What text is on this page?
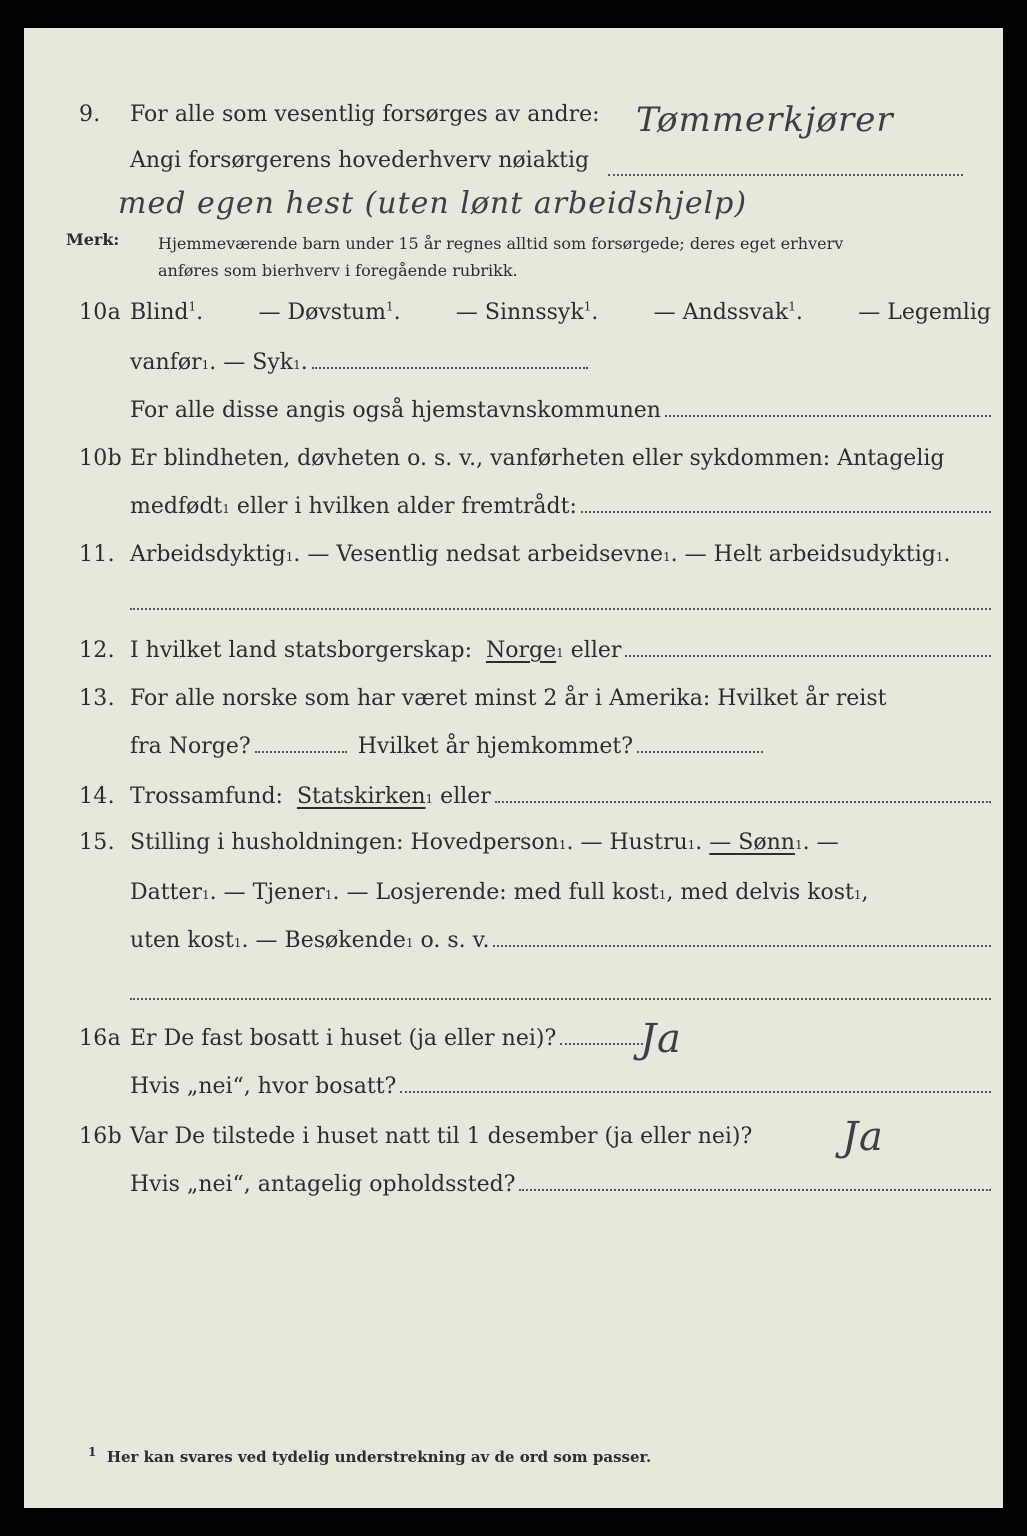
9. For alle som vesentlig forsørges av andre: Tømmerkjører
Angi forsørgerens hovederhverv nøiaktig
med egen hest (uten lønt arbeidshjelp)
Merk: Hjemmeværende barn under 15 år regnes alltid som forsørgede; deres eget erhverv
anføres som bierhverv i foregående rubrikk.
10a Blind$^1$.	— Døvstum$^1$.	— Sinnssyk$^1$.	— Andssvak$^1$.	— Legemlig
vanfør 1 . — Syk 1 .
For alle disse angis også hjemstavnskommunen
10b Er blindheten, døvheten o. s. v., vanførheten eller sykdommen: Antagelig
medfødt 1
eller i hvilken alder fremtrådt:
11. Arbeidsdyktig 1 . — Vesentlig nedsat arbeidsevne 1 . — Helt arbeidsudyktig 1 .
12. I hvilket land statsborgerskap:
Norge 1
eller
13. For alle norske som har været minst 2 år i Amerika: Hvilket år reist
fra Norge?
	Hvilket år hjemkommet?
14. Trossamfund:
Statskirken 1
eller
15. Stilling i husholdningen: Hovedperson 1 . — Hustru 1 . — Sønn 1 . —
Datter 1 . — Tjener 1 . — Losjerende: med full kost 1 , med delvis kost 1 ,
uten kost 1 . — Besøkende 1
o. s. v.
16a Er De fast bosatt i huset (ja eller nei)? Ja
Hvis „nei“, hvor bosatt?
16b Var De tilstede i huset natt til 1 desember (ja eller nei)? Ja
Hvis „nei“, antagelig opholdssted?
$^1$ Her kan svares ved tydelig understrekning av de ord som passer.
